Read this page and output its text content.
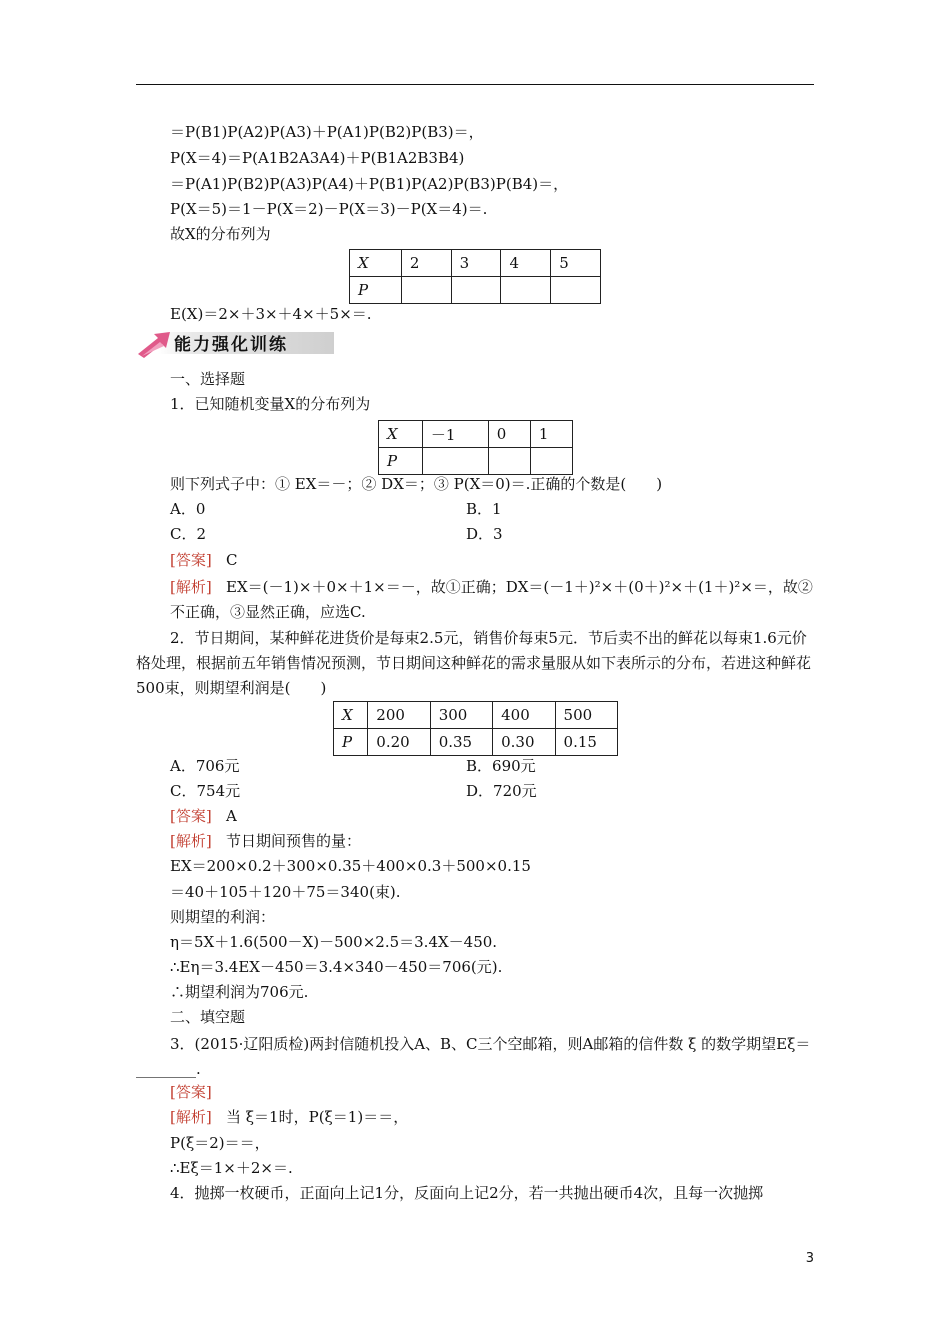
＝P(B1)P(A2)P(A3)＋P(A1)P(B2)P(B3)＝，
P(X＝4)＝P(A1B2A3A4)＋P(B1A2B3B4)
＝P(A1)P(B2)P(A3)P(A4)＋P(B1)P(A2)P(B3)P(B4)＝，
P(X＝5)＝1－P(X＝2)－P(X＝3)－P(X＝4)＝.
故X的分布列为
X	2	3	4	5
P				
E(X)＝2×＋3×＋4×＋5×＝.
能力强化训练
一、选择题
1．已知随机变量X的分布列为
X	－1	0	1
P			
则下列式子中：① EX＝－；② DX＝；③ P(X＝0)＝.正确的个数是(　　)
A．0	B．1
C．2	D．3
[答案] C
[解析] EX＝(－1)×＋0×＋1×＝－，故①正确；DX＝(－1＋)²×＋(0＋)²×＋(1＋)²×＝，故②不正确，③显然正确，应选C.
2．节日期间，某种鲜花进货价是每束2.5元，销售价每束5元．节后卖不出的鲜花以每束1.6元价格处理，根据前五年销售情况预测，节日期间这种鲜花的需求量服从如下表所示的分布，若进这种鲜花500束，则期望利润是(　　)
X	200	300	400	500
P	0.20	0.35	0.30	0.15
A．706元	B．690元
C．754元	D．720元
[答案] A
[解析] 节日期间预售的量：
EX＝200×0.2＋300×0.35＋400×0.3＋500×0.15
＝40＋105＋120＋75＝340(束).
则期望的利润：
η＝5X＋1.6(500－X)－500×2.5＝3.4X－450.
∴Eη＝3.4EX－450＝3.4×340－450＝706(元).
∴期望利润为706元.
二、填空题
3．(2015·辽阳质检)两封信随机投入A、B、C三个空邮箱，则A邮箱的信件数 ξ 的数学期望Eξ＝________.
[答案]
[解析] 当 ξ＝1时，P(ξ＝1)＝＝，
P(ξ＝2)＝＝，
∴Eξ＝1×＋2×＝.
4．抛掷一枚硬币，正面向上记1分，反面向上记2分，若一共抛出硬币4次，且每一次抛掷
3
